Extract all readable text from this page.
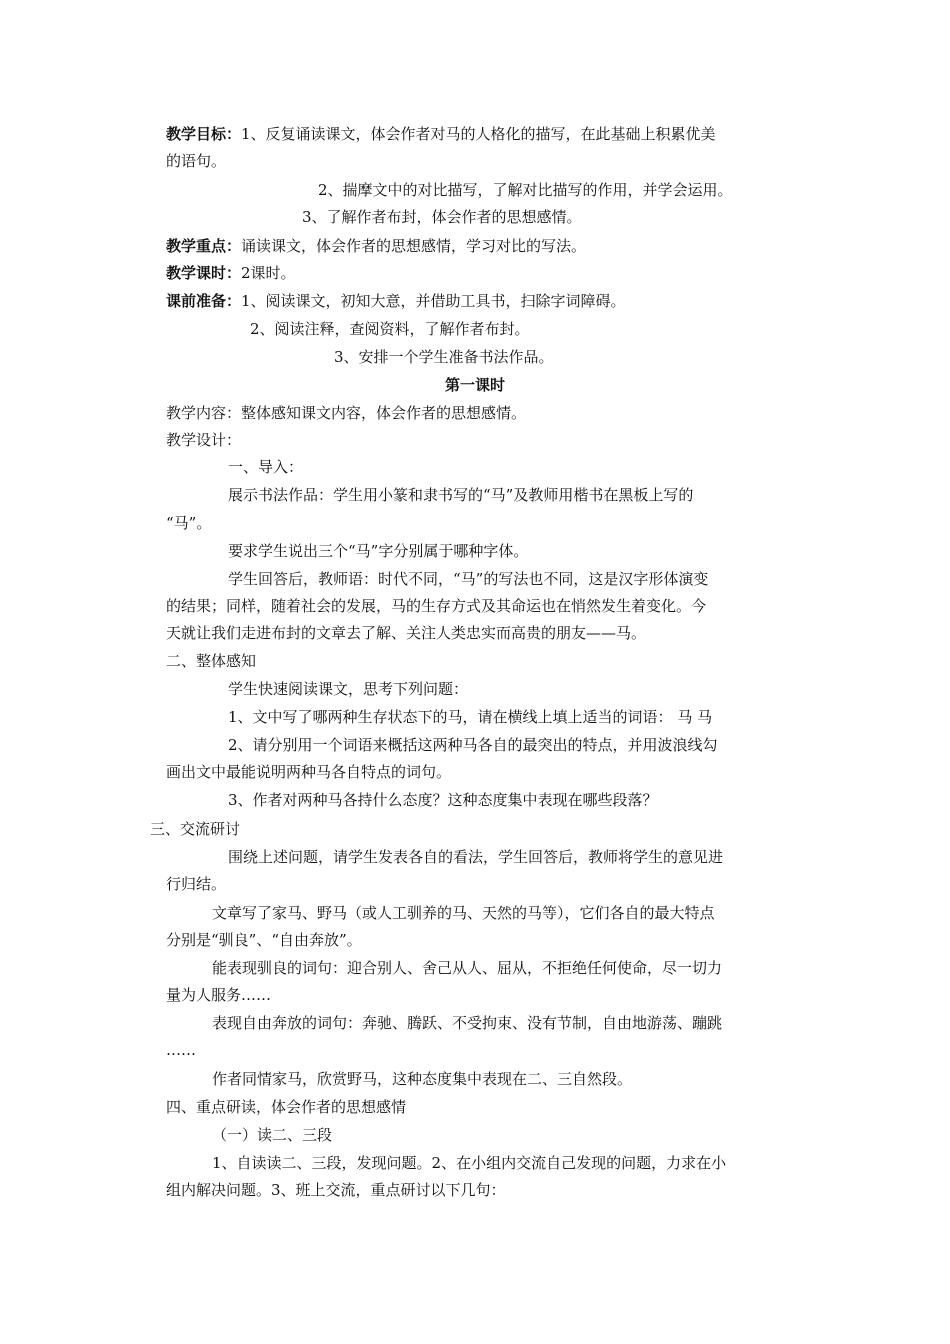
教学目标：1、反复诵读课文，体会作者对马的人格化的描写，在此基础上积累优美
的语句。
2、揣摩文中的对比描写，了解对比描写的作用，并学会运用。
3、了解作者布封，体会作者的思想感情。
教学重点：诵读课文，体会作者的思想感情，学习对比的写法。
教学课时：2课时。
课前准备：1、阅读课文，初知大意，并借助工具书，扫除字词障碍。
2、阅读注释，查阅资料，了解作者布封。
3、安排一个学生准备书法作品。
第一课时
教学内容：整体感知课文内容，体会作者的思想感情。
教学设计：
一、导入：
展示书法作品：学生用小篆和隶书写的“马”及教师用楷书在黑板上写的
“马”。
要求学生说出三个“马”字分别属于哪种字体。
学生回答后，教师语：时代不同，“马”的写法也不同，这是汉字形体演变
的结果；同样，随着社会的发展，马的生存方式及其命运也在悄然发生着变化。今
天就让我们走进布封的文章去了解、关注人类忠实而高贵的朋友——马。
二、整体感知
学生快速阅读课文，思考下列问题：
1、文中写了哪两种生存状态下的马，请在横线上填上适当的词语： 马 马
2、请分别用一个词语来概括这两种马各自的最突出的特点，并用波浪线勾
画出文中最能说明两种马各自特点的词句。
3、作者对两种马各持什么态度？这种态度集中表现在哪些段落？
三、交流研讨
围绕上述问题，请学生发表各自的看法，学生回答后，教师将学生的意见进
行归结。
文章写了家马、野马（或人工驯养的马、天然的马等），它们各自的最大特点
分别是“驯良”、“自由奔放”。
能表现驯良的词句：迎合别人、舍己从人、屈从，不拒绝任何使命，尽一切力
量为人服务……
表现自由奔放的词句：奔驰、腾跃、不受拘束、没有节制，自由地游荡、蹦跳
……
作者同情家马，欣赏野马，这种态度集中表现在二、三自然段。
四、重点研读，体会作者的思想感情
（一）读二、三段
1、自读读二、三段，发现问题。2、在小组内交流自己发现的问题，力求在小
组内解决问题。3、班上交流，重点研讨以下几句：
